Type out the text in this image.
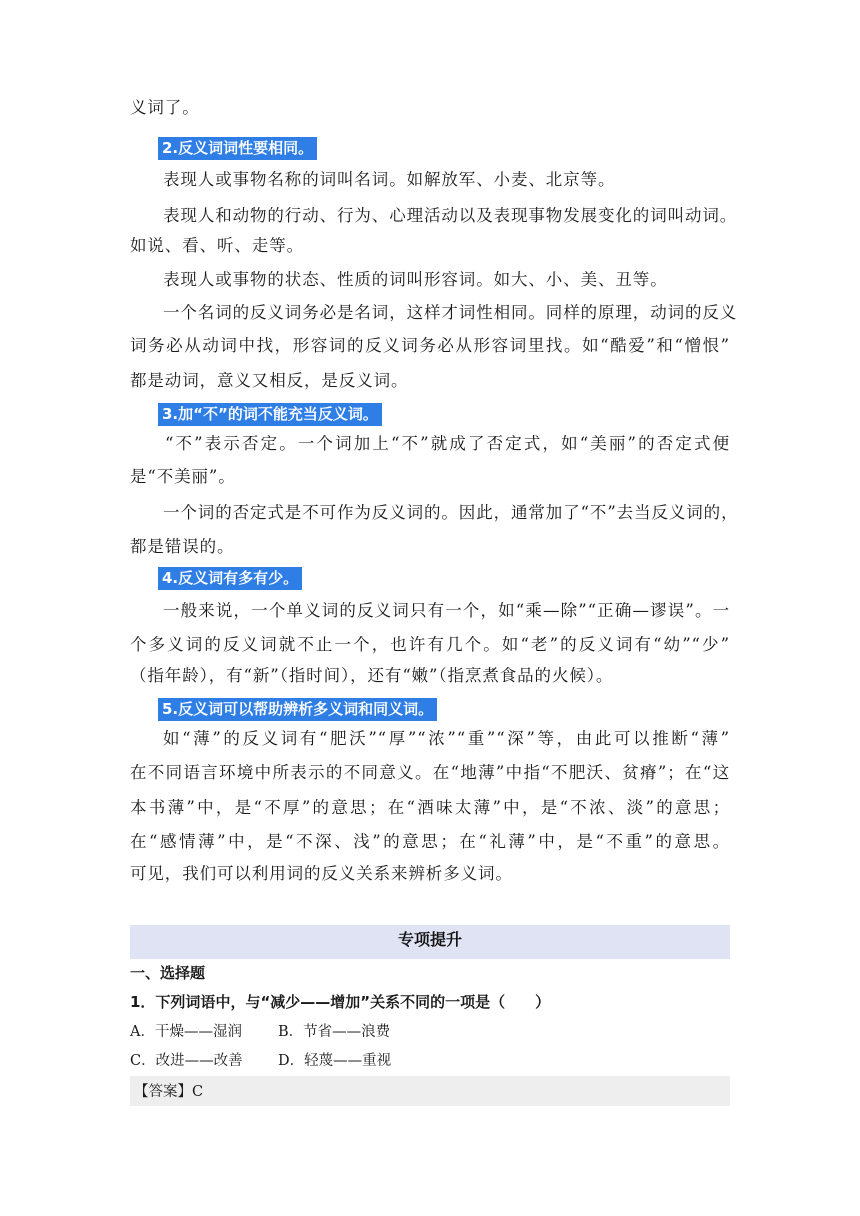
义词了。
2.反义词词性要相同。
表现人或事物名称的词叫名词。如解放军、小麦、北京等。
表现人和动物的行动、行为、心理活动以及表现事物发展变化的词叫动词。
如说、看、听、走等。
表现人或事物的状态、性质的词叫形容词。如大、小、美、丑等。
一个名词的反义词务必是名词，这样才词性相同。同样的原理，动词的反义
词务必从动词中找，形容词的反义词务必从形容词里找。如“酷爱”和“憎恨”
都是动词，意义又相反，是反义词。
3.加“不”的词不能充当反义词。
“不”表示否定。一个词加上“不”就成了否定式，如“美丽”的否定式便
是“不美丽”。
一个词的否定式是不可作为反义词的。因此，通常加了“不”去当反义词的，
都是错误的。
4.反义词有多有少。
一般来说，一个单义词的反义词只有一个，如“乘—除”“正确—谬误”。一
个多义词的反义词就不止一个，也许有几个。如“老”的反义词有“幼”“少”
（指年龄），有“新”（指时间），还有“嫩”（指烹煮食品的火候）。
5.反义词可以帮助辨析多义词和同义词。
如“薄”的反义词有“肥沃”“厚”“浓”“重”“深”等，由此可以推断“薄”
在不同语言环境中所表示的不同意义。在“地薄”中指“不肥沃、贫瘠”；在“这
本书薄”中，是“不厚”的意思；在“酒味太薄”中，是“不浓、淡”的意思；
在“感情薄”中，是“不深、浅”的意思；在“礼薄”中，是“不重”的意思。
可见，我们可以利用词的反义关系来辨析多义词。
专项提升
一、选择题
1．下列词语中，与“减少——增加”关系不同的一项是（　　）
A．干燥——湿润 B．节省——浪费
C．改进——改善 D．轻蔑——重视
【答案】C
